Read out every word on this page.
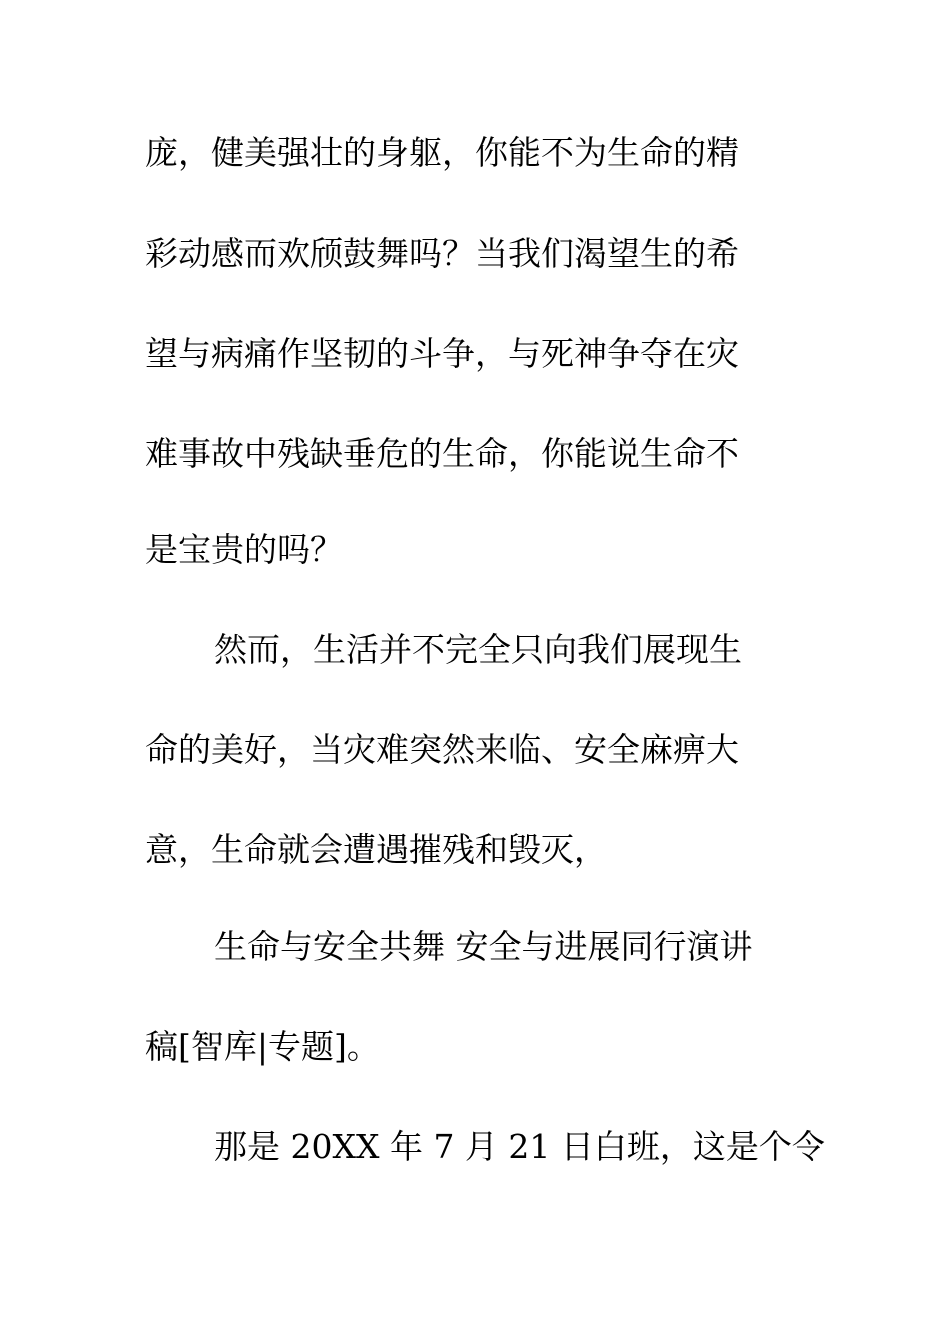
庞，健美强壮的身躯，你能不为生命的精
彩动感而欢颀鼓舞吗？当我们渴望生的希
望与病痛作坚韧的斗争，与死神争夺在灾
难事故中残缺垂危的生命，你能说生命不
是宝贵的吗？
然而，生活并不完全只向我们展现生
命的美好，当灾难突然来临、安全麻痹大
意，生命就会遭遇摧残和毁灭，
生命与安全共舞 安全与进展同行演讲
稿[智库|专题]。
那是 20XX 年 7 月 21 日白班，这是个令
